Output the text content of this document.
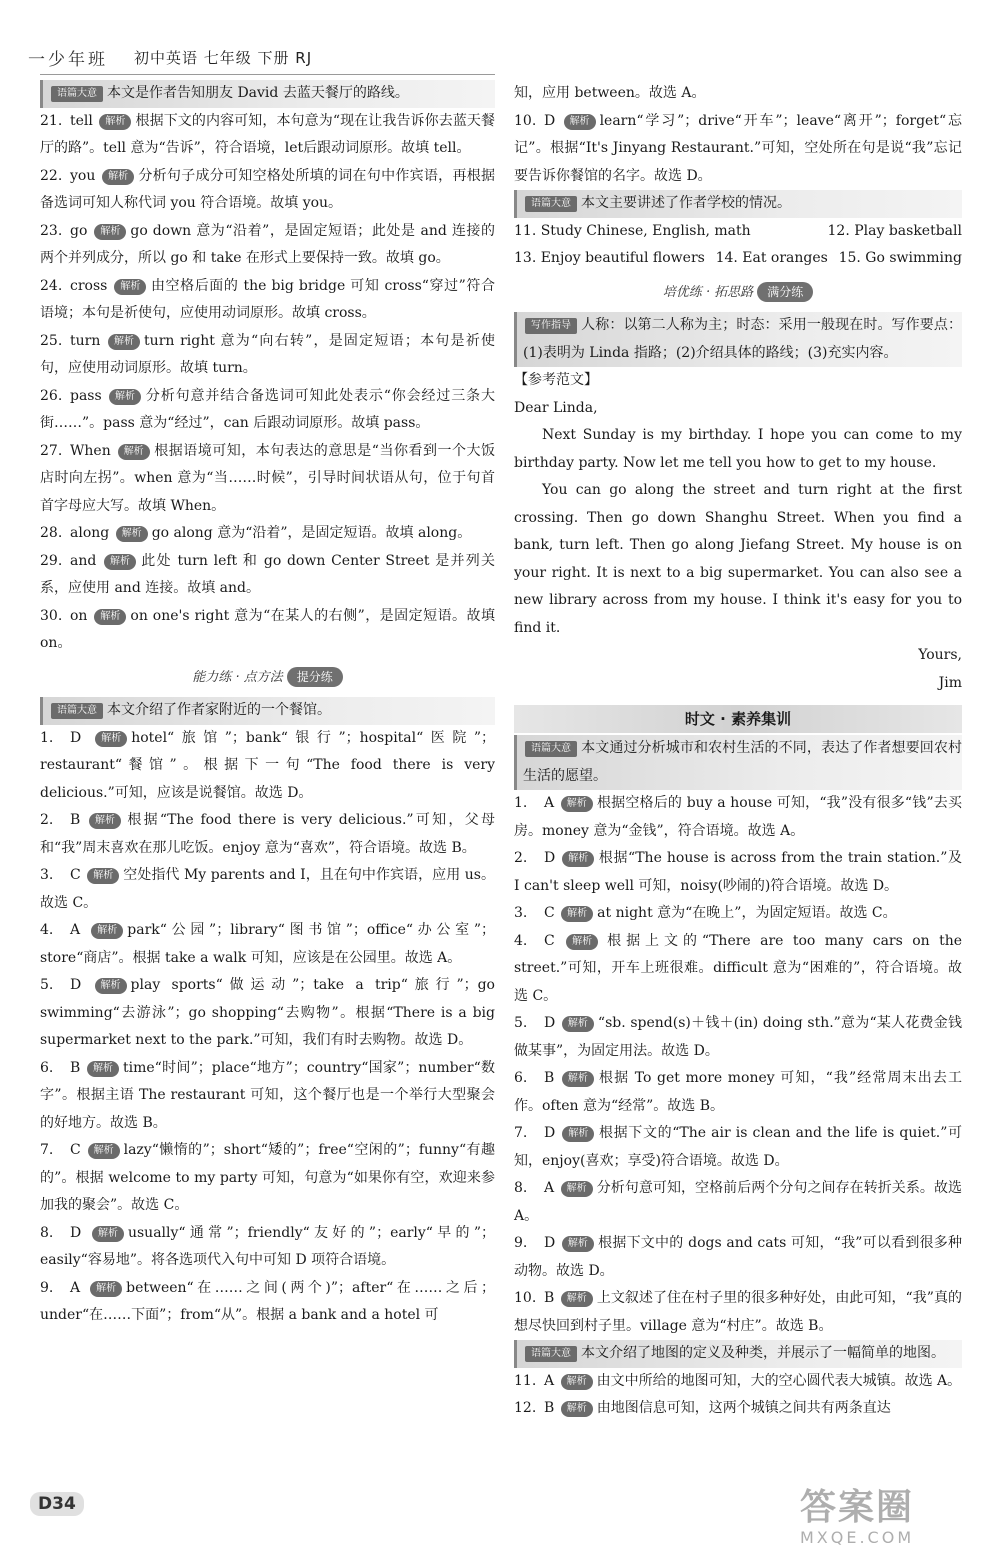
一少年班 初中英语 七年级 下册 RJ

语篇大意 本文是作者告知朋友 David 去蓝天餐厅的路线。

21. tell 解析 根据下文的内容可知，本句意为“现在让我告诉你去蓝天餐厅的路”。tell 意为“告诉”，符合语境，let后跟动词原形。故填 tell。

22. you 解析 分析句子成分可知空格处所填的词在句中作宾语，再根据备选词可知人称代词 you 符合语境。故填 you。

23. go 解析 go down 意为“沿着”，是固定短语；此处是 and 连接的两个并列成分，所以 go 和 take 在形式上要保持一致。故填 go。

24. cross 解析 由空格后面的 the big bridge 可知 cross“穿过”符合语境；本句是祈使句，应使用动词原形。故填 cross。

25. turn 解析 turn right 意为“向右转”，是固定短语；本句是祈使句，应使用动词原形。故填 turn。

26. pass 解析 分析句意并结合备选词可知此处表示“你会经过三条大街……”。pass 意为“经过”，can 后跟动词原形。故填 pass。

27. When 解析 根据语境可知，本句表达的意思是“当你看到一个大饭店时向左拐”。when 意为“当……时候”，引导时间状语从句，位于句首首字母应大写。故填 When。

28. along 解析 go along 意为“沿着”，是固定短语。故填 along。

29. and 解析 此处 turn left 和 go down Center Street 是并列关系，应使用 and 连接。故填 and。

30. on 解析 on one's right 意为“在某人的右侧”，是固定短语。故填 on。

能力练 · 点方法 提分练

语篇大意 本文介绍了作者家附近的一个餐馆。

1. D 解析 hotel“旅馆”；bank“银行”；hospital“医院”；restaurant“餐馆”。根据下一句“The food there is very delicious.”可知，应该是说餐馆。故选 D。

2. B 解析 根据“The food there is very delicious.”可知，父母和“我”周末喜欢在那儿吃饭。enjoy 意为“喜欢”，符合语境。故选 B。

3. C 解析 空处指代 My parents and I，且在句中作宾语，应用 us。故选 C。

4. A 解析 park“公园”；library“图书馆”；office“办公室”；store“商店”。根据 take a walk 可知，应该是在公园里。故选 A。

5. D 解析 play sports“做运动”；take a trip“旅行”；go swimming“去游泳”；go shopping“去购物”。根据“There is a big supermarket next to the park.”可知，我们有时去购物。故选 D。

6. B 解析 time“时间”；place“地方”；country“国家”；number“数字”。根据主语 The restaurant 可知，这个餐厅也是一个举行大型聚会的好地方。故选 B。

7. C 解析 lazy“懒惰的”；short“矮的”；free“空闲的”；funny“有趣的”。根据 welcome to my party 可知，句意为“如果你有空，欢迎来参加我的聚会”。故选 C。

8. D 解析 usually“通常”；friendly“友好的”；early“早的”；easily“容易地”。将各选项代入句中可知 D 项符合语境。

9. A 解析 between“在……之间(两个)”；after“在……之后；under“在……下面”；from“从”。根据 a bank and a hotel 可

知，应用 between。故选 A。

10. D 解析 learn“学习”；drive“开车”；leave“离开”；forget“忘记”。根据“It's Jinyang Restaurant.”可知，空处所在句是说“我”忘记要告诉你餐馆的名字。故选 D。

语篇大意 本文主要讲述了作者学校的情况。

11. Study Chinese, English, math	12. Play basketball
13. Enjoy beautiful flowers 14. Eat oranges 15. Go swimming
培优练 · 拓思路 满分练

写作指导 人称：以第二人称为主；时态：采用一般现在时。写作要点：(1)表明为 Linda 指路；(2)介绍具体的路线；(3)充实内容。

【参考范文】

Dear Linda,

Next Sunday is my birthday. I hope you can come to my birthday party. Now let me tell you how to get to my house.

You can go along the street and turn right at the first crossing. Then go down Shanghu Street. When you find a bank, turn left. Then go along Jiefang Street. My house is on your right. It is next to a big supermarket. You can also see a new library across from my house. I think it's easy for you to find it.

Yours,

Jim

时文 · 素养集训

语篇大意 本文通过分析城市和农村生活的不同，表达了作者想要回农村生活的愿望。

1. A 解析 根据空格后的 buy a house 可知，“我”没有很多“钱”去买房。money 意为“金钱”，符合语境。故选 A。

2. D 解析 根据“The house is across from the train station.”及 I can't sleep well 可知，noisy(吵闹的)符合语境。故选 D。

3. C 解析 at night 意为“在晚上”，为固定短语。故选 C。

4. C 解析 根据上文的“There are too many cars on the street.”可知，开车上班很难。difficult 意为“困难的”，符合语境。故选 C。

5. D 解析 “sb. spend(s)＋钱＋(in) doing sth.”意为“某人花费金钱做某事”，为固定用法。故选 D。

6. B 解析 根据 To get more money 可知，“我”经常周末出去工作。often 意为“经常”。故选 B。

7. D 解析 根据下文的“The air is clean and the life is quiet.”可知，enjoy(喜欢；享受)符合语境。故选 D。

8. A 解析 分析句意可知，空格前后两个分句之间存在转折关系。故选 A。

9. D 解析 根据下文中的 dogs and cats 可知，“我”可以看到很多种动物。故选 D。

10. B 解析 上文叙述了住在村子里的很多种好处，由此可知，“我”真的想尽快回到村子里。village 意为“村庄”。故选 B。

语篇大意 本文介绍了地图的定义及种类，并展示了一幅简单的地图。

11. A 解析 由文中所给的地图可知，大的空心圆代表大城镇。故选 A。

12. B 解析 由地图信息可知，这两个城镇之间共有两条直达

D34	答案圈
MXQE.COM
